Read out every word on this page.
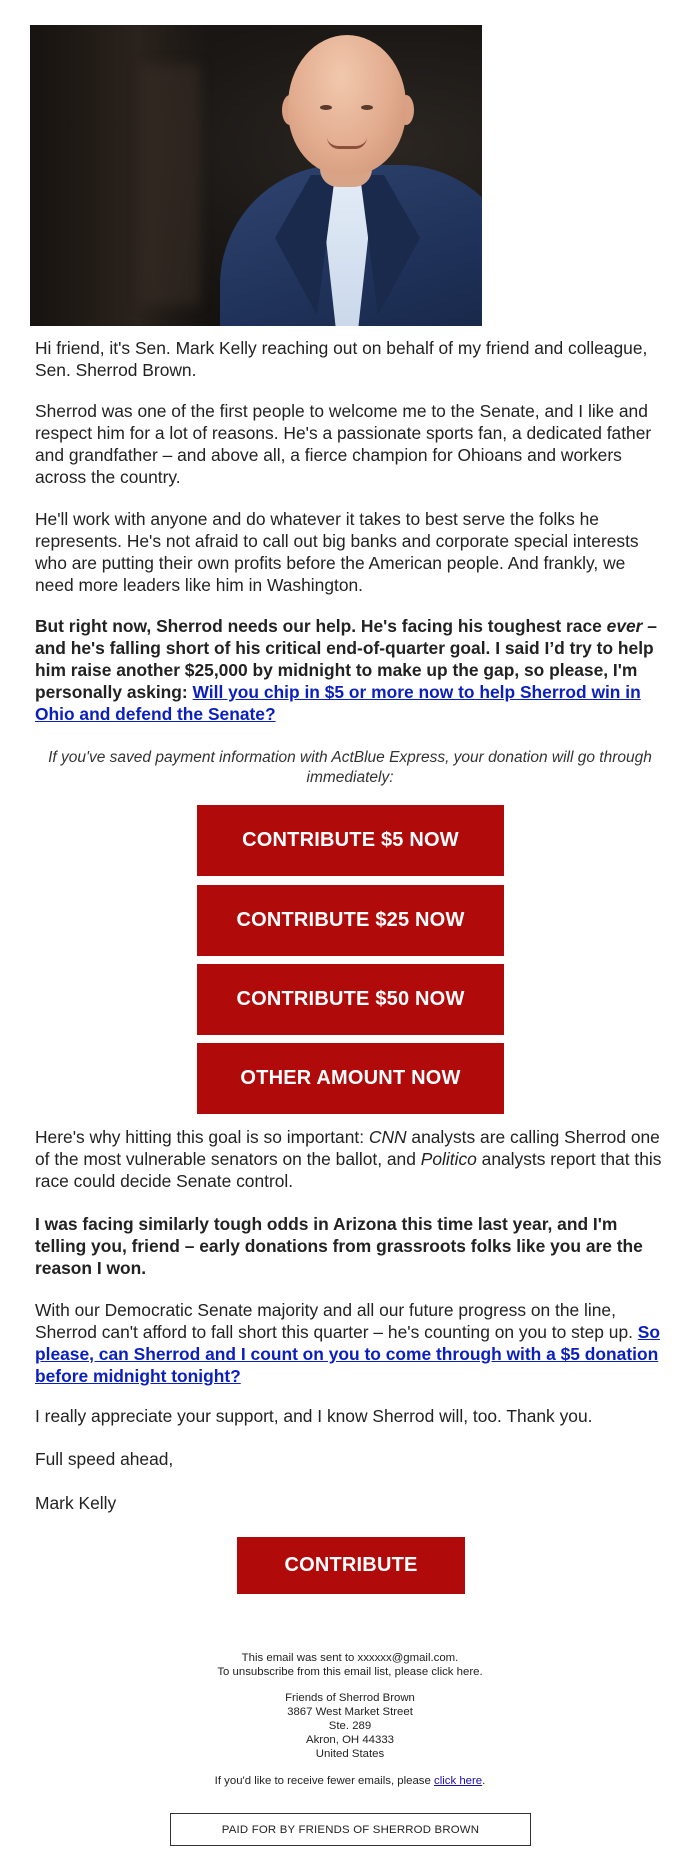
Hi friend, it's Sen. Mark Kelly reaching out on behalf of my friend and colleague, Sen. Sherrod Brown.

Sherrod was one of the first people to welcome me to the Senate, and I like and respect him for a lot of reasons. He's a passionate sports fan, a dedicated father and grandfather – and above all, a fierce champion for Ohioans and workers across the country.

He'll work with anyone and do whatever it takes to best serve the folks he represents. He's not afraid to call out big banks and corporate special interests who are putting their own profits before the American people. And frankly, we need more leaders like him in Washington.

But right now, Sherrod needs our help. He's facing his toughest race ever – and he's falling short of his critical end-of-quarter goal. I said I’d try to help him raise another $25,000 by midnight to make up the gap, so please, I'm personally asking: Will you chip in $5 or more now to help Sherrod win in Ohio and defend the Senate?

If you've saved payment information with ActBlue Express, your donation will go through immediately:

CONTRIBUTE $5 NOW
CONTRIBUTE $25 NOW
CONTRIBUTE $50 NOW
OTHER AMOUNT NOW

Here's why hitting this goal is so important: CNN analysts are calling Sherrod one of the most vulnerable senators on the ballot, and Politico analysts report that this race could decide Senate control.

I was facing similarly tough odds in Arizona this time last year, and I'm telling you, friend – early donations from grassroots folks like you are the reason I won.

With our Democratic Senate majority and all our future progress on the line, Sherrod can't afford to fall short this quarter – he's counting on you to step up. So please, can Sherrod and I count on you to come through with a $5 donation before midnight tonight?

I really appreciate your support, and I know Sherrod will, too. Thank you.

Full speed ahead,

Mark Kelly

CONTRIBUTE
This email was sent to xxxxxx@gmail.com.
To unsubscribe from this email list, please click here.
Friends of Sherrod Brown
3867 West Market Street
Ste. 289
Akron, OH 44333
United States
If you'd like to receive fewer emails, please click here.
PAID FOR BY FRIENDS OF SHERROD BROWN
